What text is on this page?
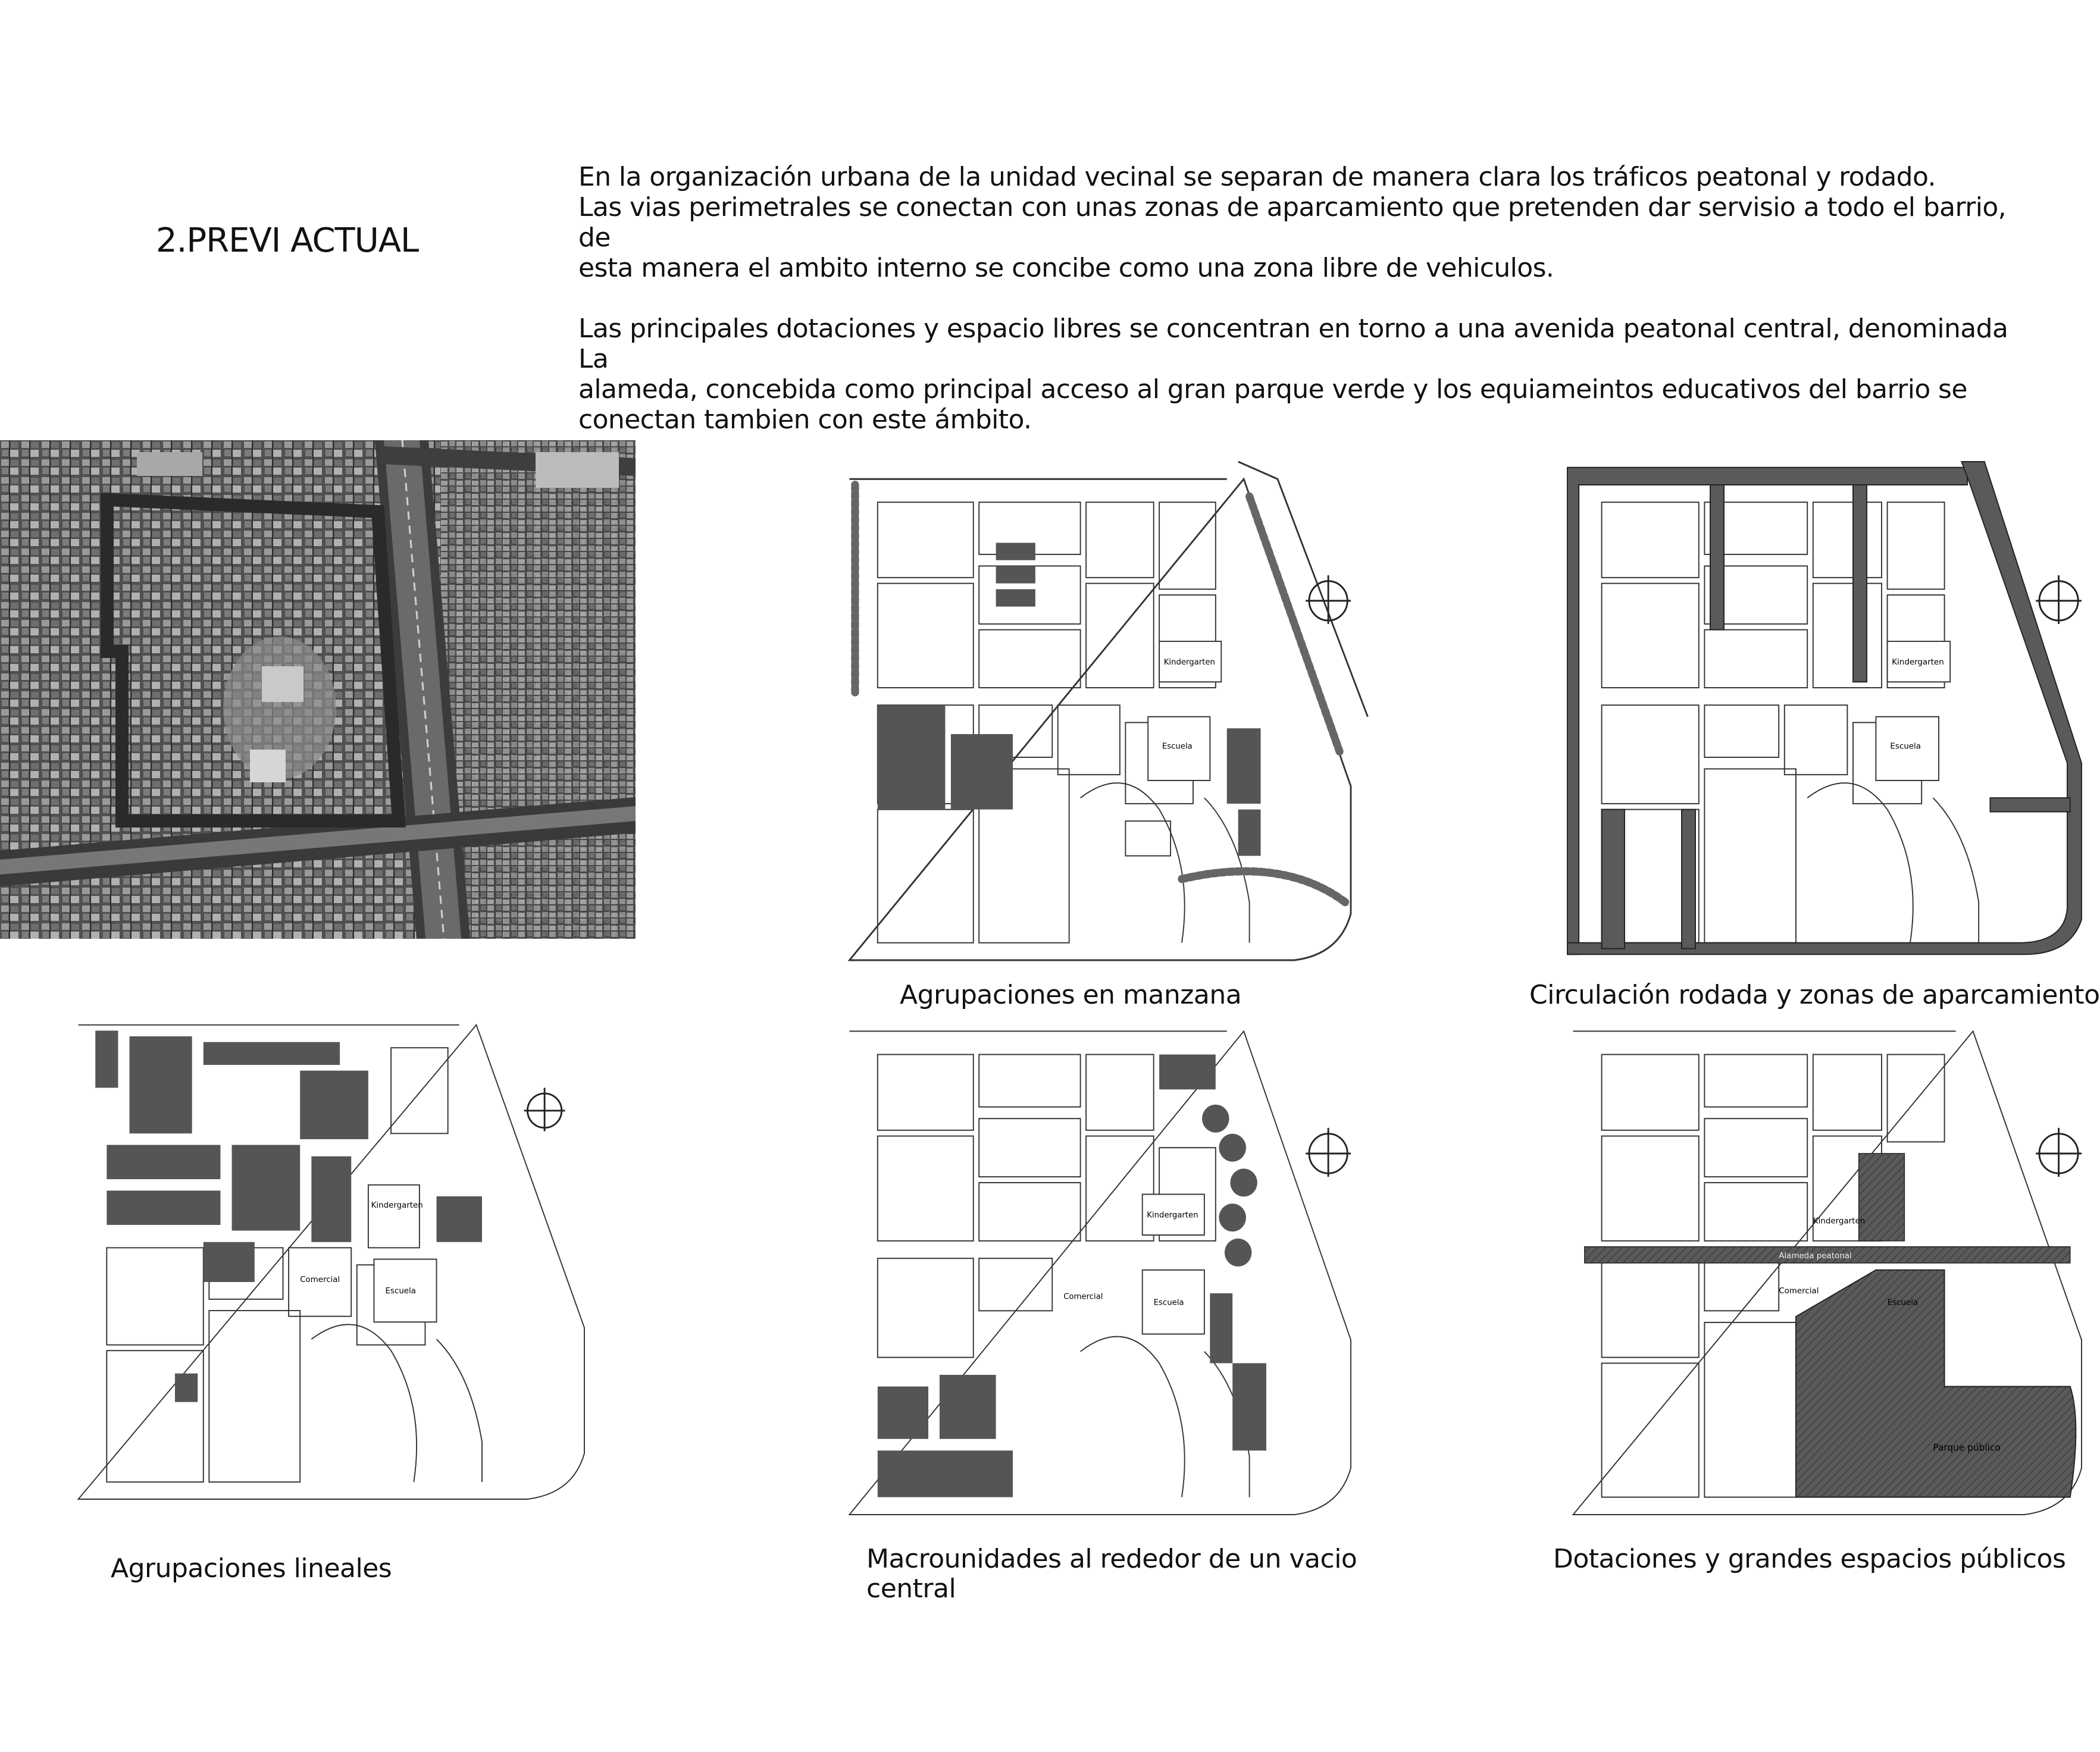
2.PREVI ACTUAL

En la organización urbana de la unidad vecinal se separan de manera clara los tráficos peatonal y rodado.

Las vias perimetrales se conectan con unas zonas de aparcamiento que pretenden dar servisio a todo el barrio, de

esta manera el ambito interno se concibe como una zona libre de vehiculos.

Las principales dotaciones y espacio libres se concentran en torno a una avenida peatonal central, denominada La

alameda, concebida como principal acceso al gran parque verde y los equiameintos educativos del barrio se

conectan tambien con este ámbito.

Kindergarten
Escuela
Agrupaciones en manzana
Kindergarten
Escuela
Circulación rodada y zonas de aparcamiento
Kindergarten
Comercial
Escuela
Agrupaciones lineales
Kindergarten
Comercial
Escuela
Macrounidades al rededor de un vacio
central
Alameda peatonal
Kindergarten
Comercial
Escuela
Parque público
Dotaciones y grandes espacios públicos
